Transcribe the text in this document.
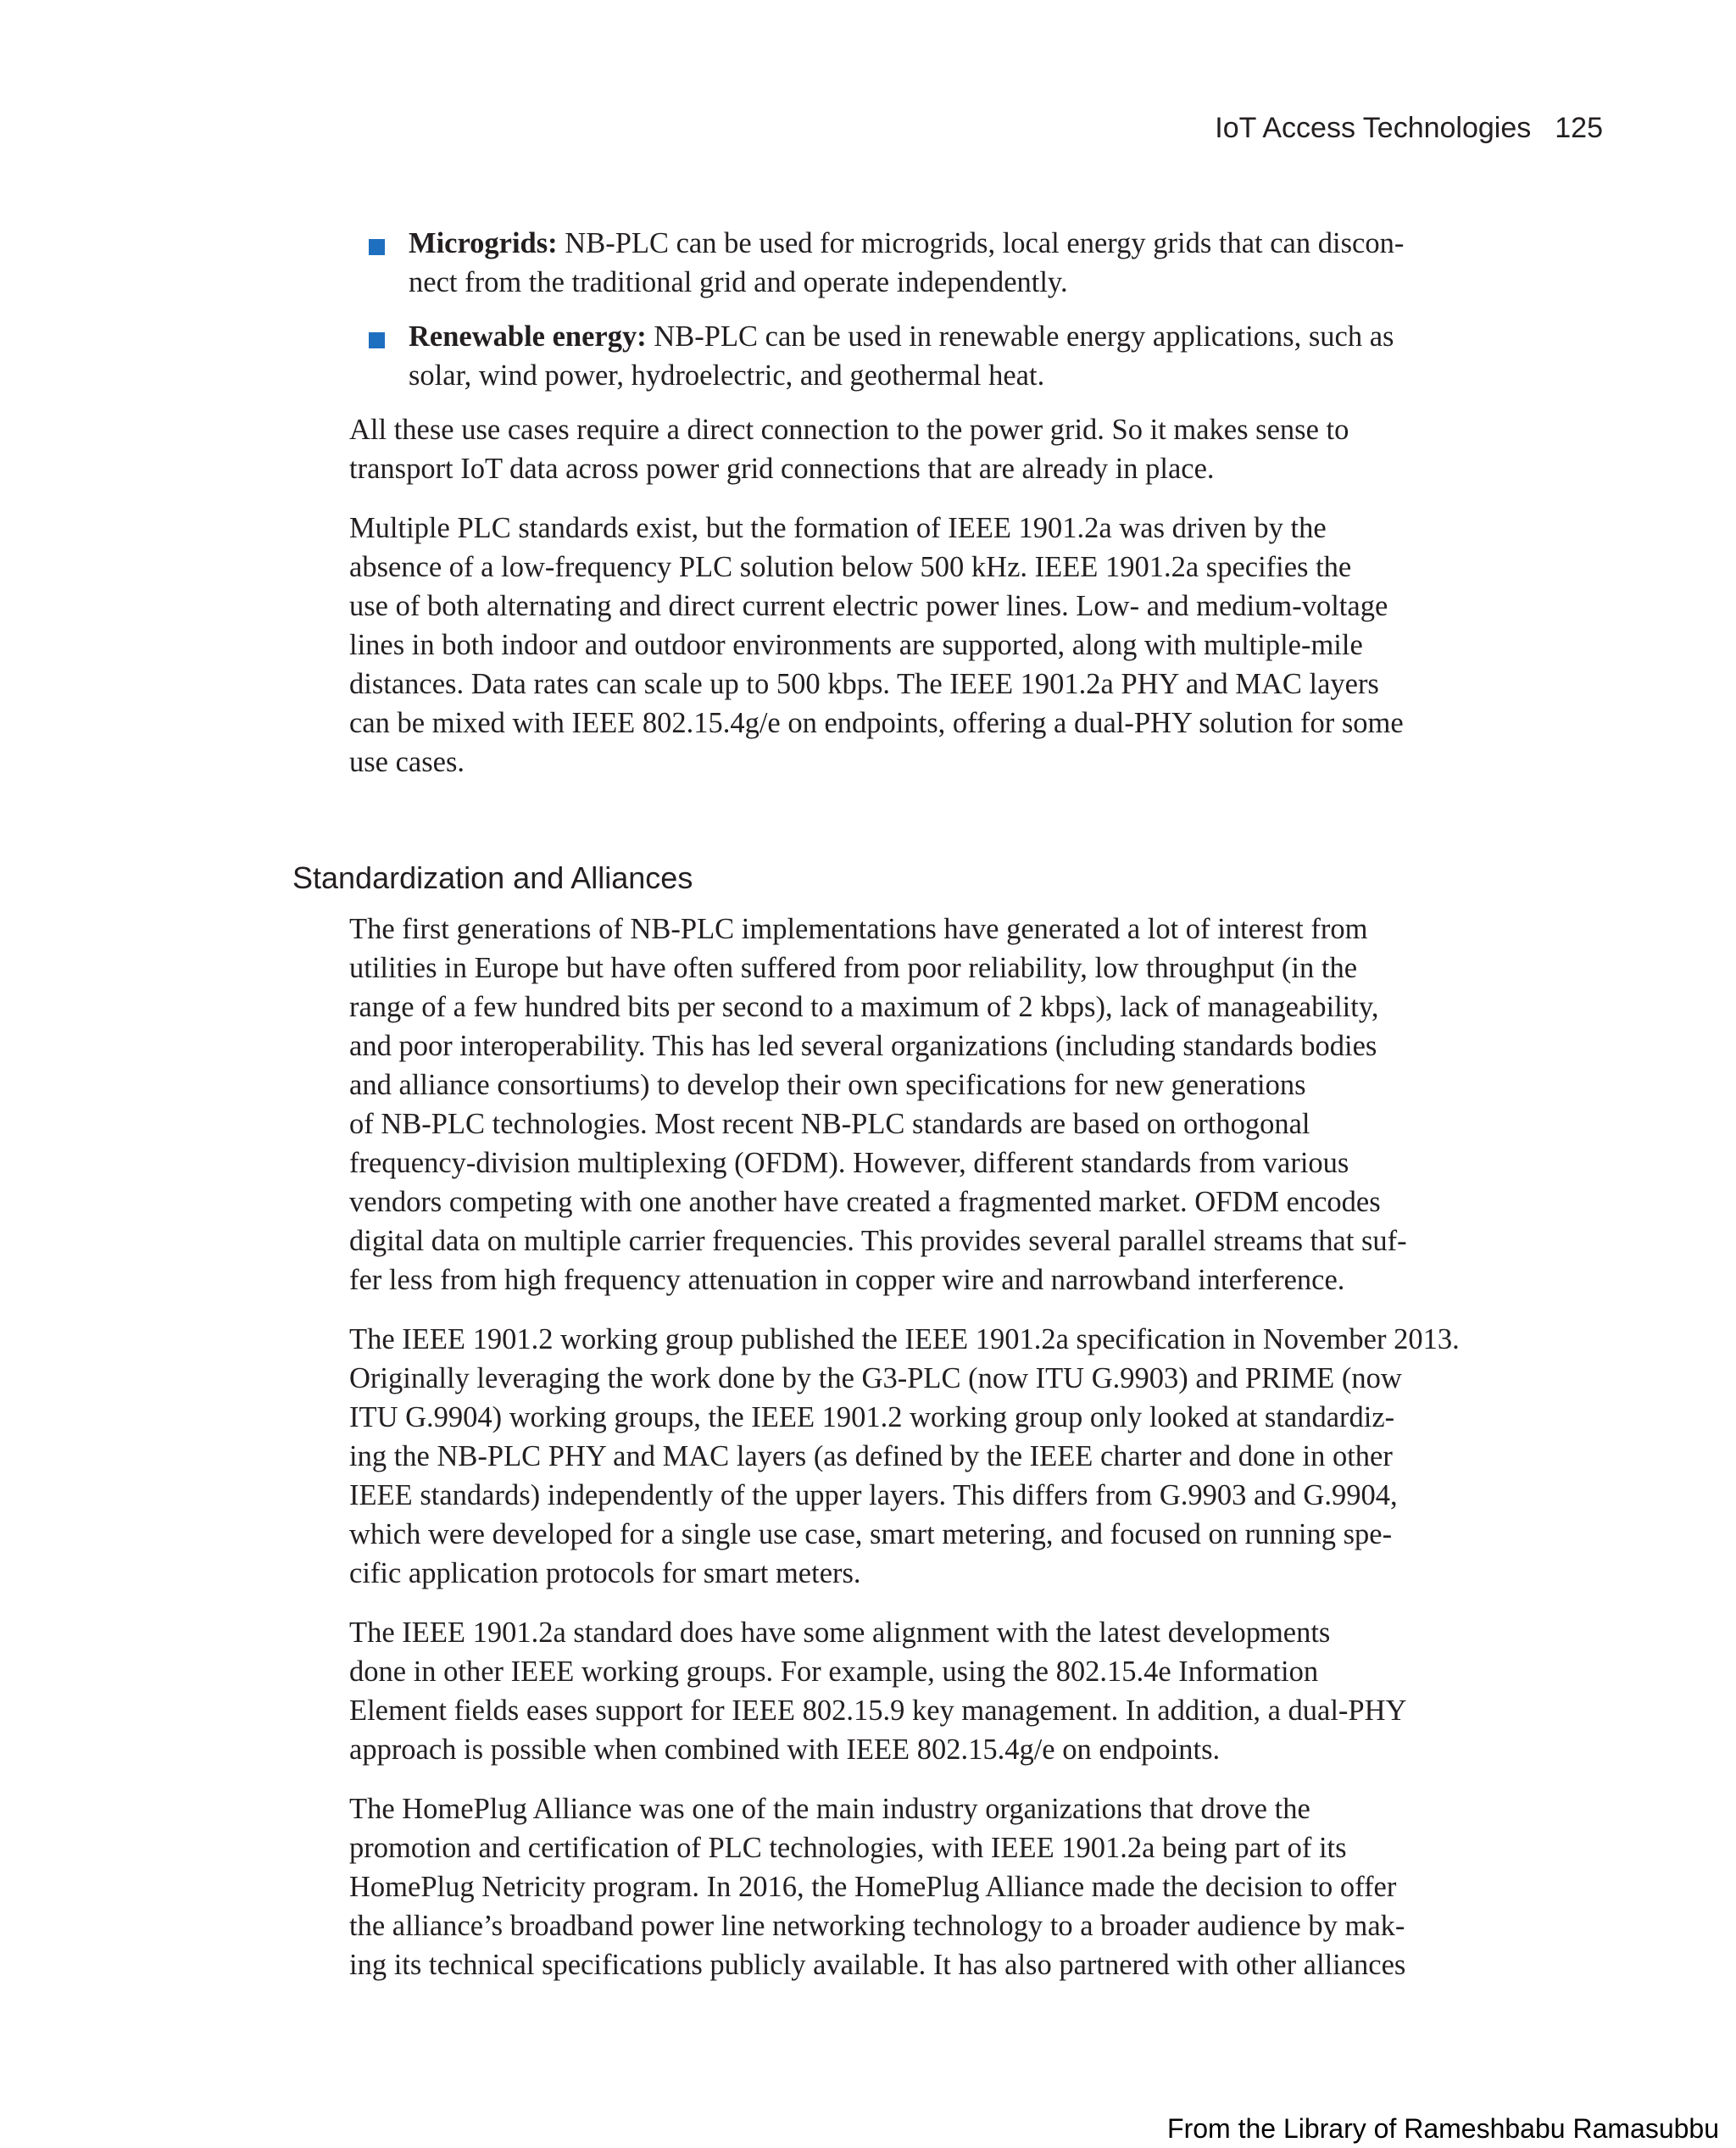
IoT Access Technologies 125
Microgrids: NB-PLC can be used for microgrids, local energy grids that can discon-
nect from the traditional grid and operate independently.
Renewable energy: NB-PLC can be used in renewable energy applications, such as
solar, wind power, hydroelectric, and geothermal heat.

All these use cases require a direct connection to the power grid. So it makes sense to
transport IoT data across power grid connections that are already in place.

Multiple PLC standards exist, but the formation of IEEE 1901.2a was driven by the
absence of a low-frequency PLC solution below 500 kHz. IEEE 1901.2a specifies the
use of both alternating and direct current electric power lines. Low- and medium-voltage
lines in both indoor and outdoor environments are supported, along with multiple-mile
distances. Data rates can scale up to 500 kbps. The IEEE 1901.2a PHY and MAC layers
can be mixed with IEEE 802.15.4g/e on endpoints, offering a dual-PHY solution for some
use cases.

Standardization and Alliances

The first generations of NB-PLC implementations have generated a lot of interest from
utilities in Europe but have often suffered from poor reliability, low throughput (in the
range of a few hundred bits per second to a maximum of 2 kbps), lack of manageability,
and poor interoperability. This has led several organizations (including standards bodies
and alliance consortiums) to develop their own specifications for new generations
of NB-PLC technologies. Most recent NB-PLC standards are based on orthogonal
frequency-division multiplexing (OFDM). However, different standards from various
vendors competing with one another have created a fragmented market. OFDM encodes
digital data on multiple carrier frequencies. This provides several parallel streams that suf-
fer less from high frequency attenuation in copper wire and narrowband interference.

The IEEE 1901.2 working group published the IEEE 1901.2a specification in November 2013.
Originally leveraging the work done by the G3-PLC (now ITU G.9903) and PRIME (now
ITU G.9904) working groups, the IEEE 1901.2 working group only looked at standardiz-
ing the NB-PLC PHY and MAC layers (as defined by the IEEE charter and done in other
IEEE standards) independently of the upper layers. This differs from G.9903 and G.9904,
which were developed for a single use case, smart metering, and focused on running spe-
cific application protocols for smart meters.

The IEEE 1901.2a standard does have some alignment with the latest developments
done in other IEEE working groups. For example, using the 802.15.4e Information
Element fields eases support for IEEE 802.15.9 key management. In addition, a dual-PHY
approach is possible when combined with IEEE 802.15.4g/e on endpoints.

The HomePlug Alliance was one of the main industry organizations that drove the
promotion and certification of PLC technologies, with IEEE 1901.2a being part of its
HomePlug Netricity program. In 2016, the HomePlug Alliance made the decision to offer
the alliance’s broadband power line networking technology to a broader audience by mak-
ing its technical specifications publicly available. It has also partnered with other alliances

From the Library of Rameshbabu Ramasubbu
